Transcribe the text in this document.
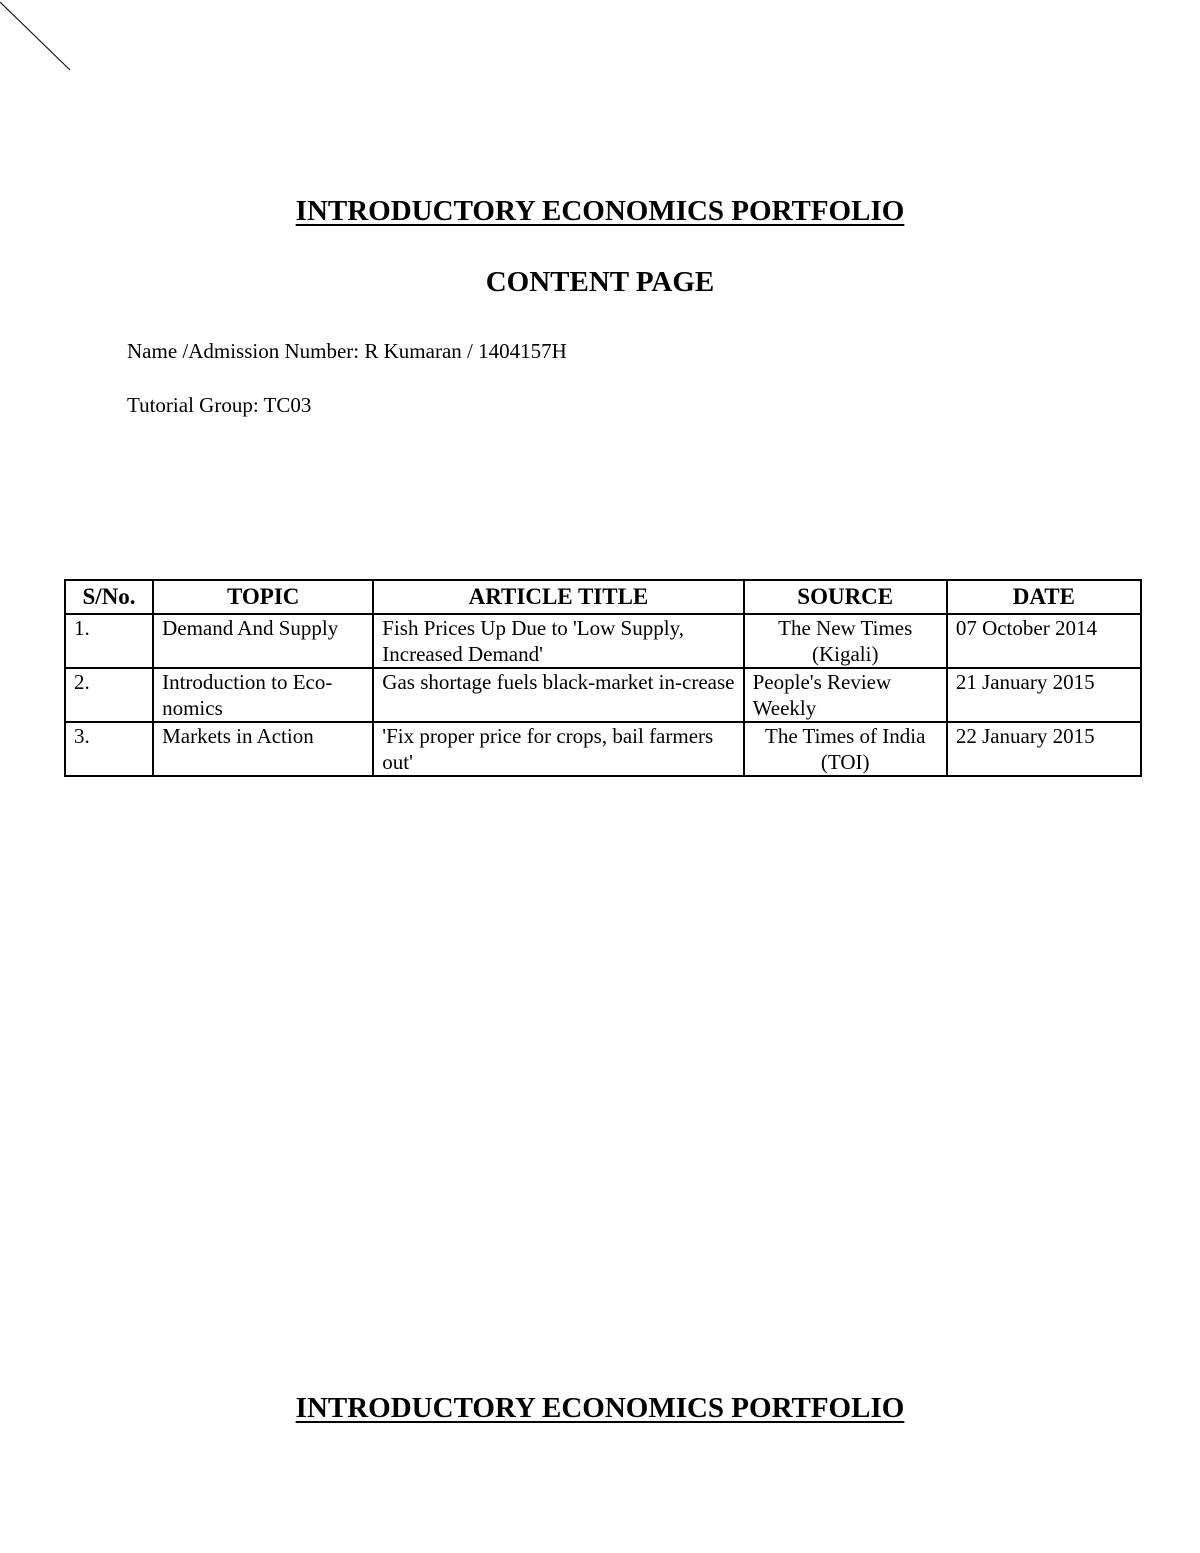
INTRODUCTORY ECONOMICS PORTFOLIO
CONTENT PAGE

Name /Admission Number: R Kumaran / 1404157H

Tutorial Group: TC03

S/No.	TOPIC	ARTICLE TITLE	SOURCE	DATE
1.	Demand And Supply	Fish Prices Up Due to 'Low Supply, Increased Demand'	The New Times (Kigali)	07 October 2014
2.	Introduction to Eco-nomics	Gas shortage fuels black-market in-crease	People's Review Weekly	21 January 2015
3.	Markets in Action	'Fix proper price for crops, bail farmers out'	The Times of India (TOI)	22 January 2015
INTRODUCTORY ECONOMICS PORTFOLIO
